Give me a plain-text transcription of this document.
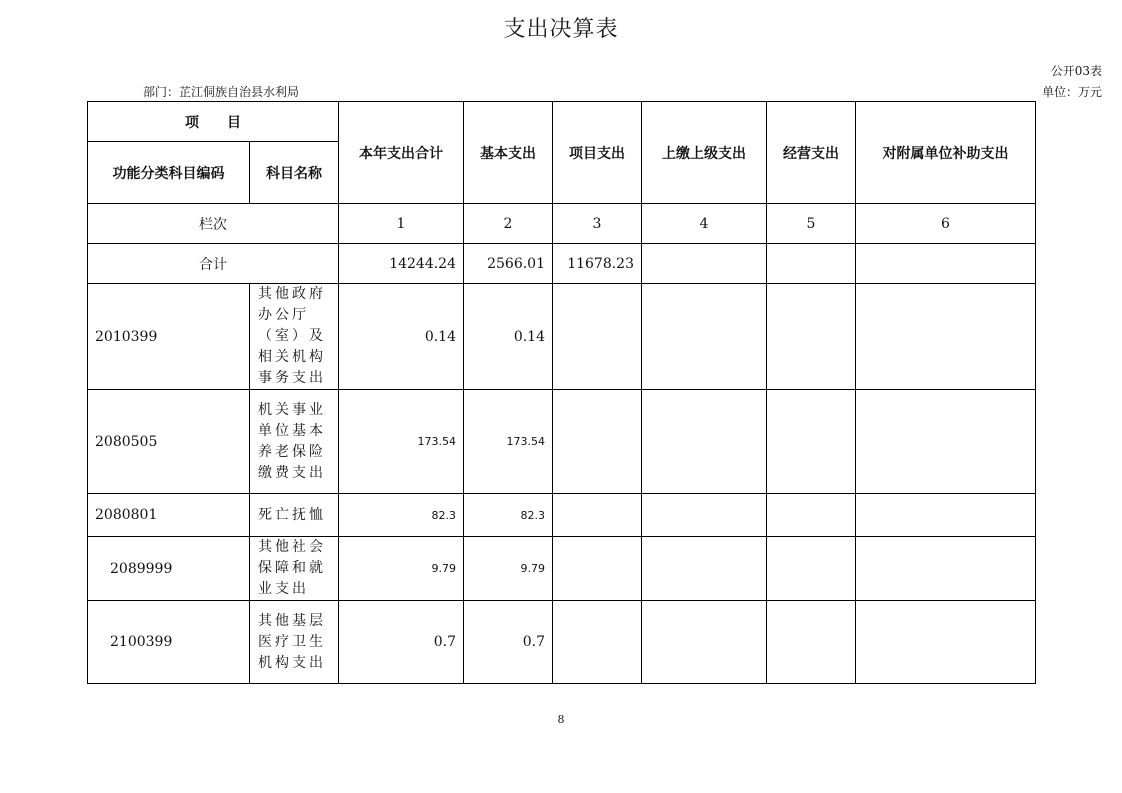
支出决算表
公开03表
部门：芷江侗族自治县水利局	单位：万元
项　　目		本年支出合计	基本支出	项目支出	上缴上级支出	经营支出	对附属单位补助支出
功能分类科目编码	科目名称						
栏次		1	2	3	4	5	6
合计		14244.24	2566.01	11678.23			
2010399	其他政府办公厅（室）及相关机构事务支出	0.14	0.14				
2080505	机关事业单位基本养老保险缴费支出	173.54	173.54				
2080801	死亡抚恤	82.3	82.3				
2089999	其他社会保障和就业支出	9.79	9.79				
2100399	其他基层医疗卫生机构支出	0.7	0.7				
8
